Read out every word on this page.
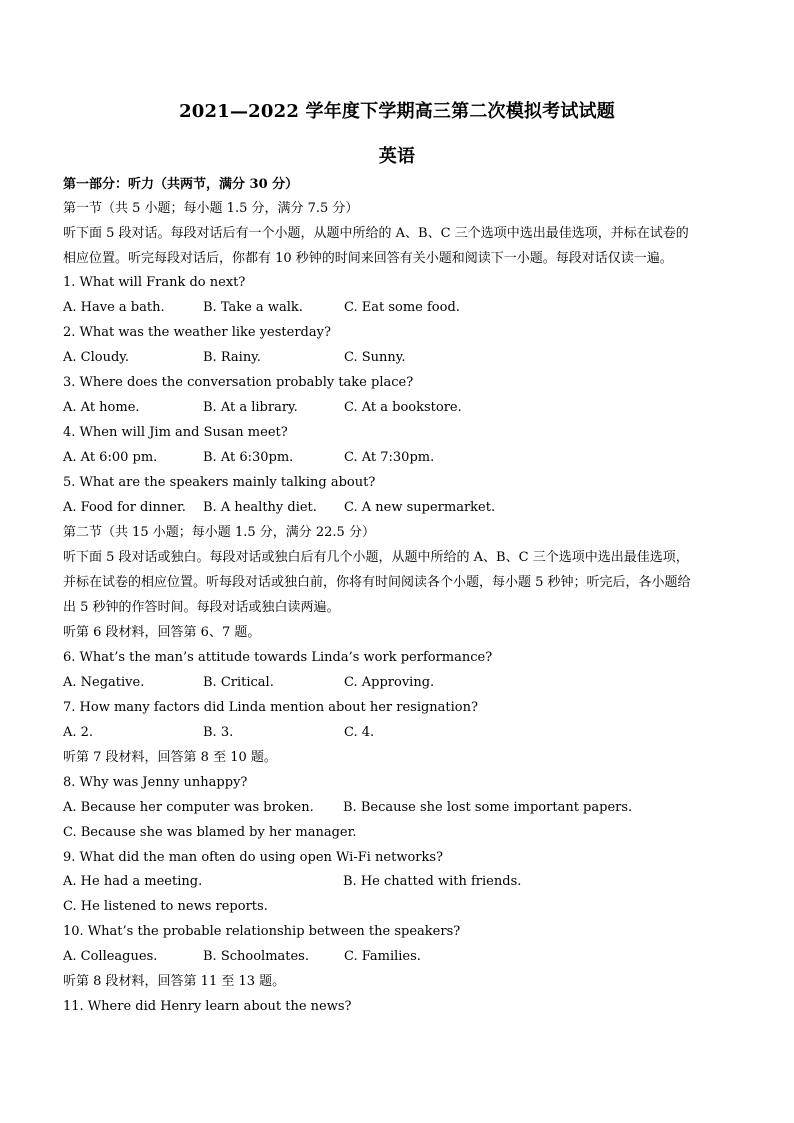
2021—2022 学年度下学期高三第二次模拟考试试题
英语
第一部分：听力（共两节，满分 30 分）
第一节（共 5 小题；每小题 1.5 分，满分 7.5 分）
听下面 5 段对话。每段对话后有一个小题，从题中所给的 A、B、C 三个选项中选出最佳选项，并标在试卷的
相应位置。听完每段对话后，你都有 10 秒钟的时间来回答有关小题和阅读下一小题。每段对话仅读一遍。
1. What will Frank do next?
A. Have a bath.	B. Take a walk.	C. Eat some food.
2. What was the weather like yesterday?
A. Cloudy.	B. Rainy.	C. Sunny.
3. Where does the conversation probably take place?
A. At home.	B. At a library.	C. At a bookstore.
4. When will Jim and Susan meet?
A. At 6:00 pm.	B. At 6:30pm.	C. At 7:30pm.
5. What are the speakers mainly talking about?
A. Food for dinner. B. A healthy diet. C. A new supermarket.
第二节（共 15 小题；每小题 1.5 分，满分 22.5 分）
听下面 5 段对话或独白。每段对话或独白后有几个小题，从题中所给的 A、B、C 三个选项中选出最佳选项，
并标在试卷的相应位置。听每段对话或独白前，你将有时间阅读各个小题，每小题 5 秒钟；听完后，各小题给
出 5 秒钟的作答时间。每段对话或独白读两遍。
听第 6 段材料，回答第 6、7 题。
6. What’s the man’s attitude towards Linda’s work performance?
A. Negative.	B. Critical.	C. Approving.
7. How many factors did Linda mention about her resignation?
A. 2.	B. 3.	C. 4.
听第 7 段材料，回答第 8 至 10 题。
8. Why was Jenny unhappy?
A. Because her computer was broken. B. Because she lost some important papers.
C. Because she was blamed by her manager.
9. What did the man often do using open Wi-Fi networks?
A. He had a meeting.	B. He chatted with friends.
C. He listened to news reports.
10. What’s the probable relationship between the speakers?
A. Colleagues.	B. Schoolmates.	C. Families.
听第 8 段材料，回答第 11 至 13 题。
11. Where did Henry learn about the news?
